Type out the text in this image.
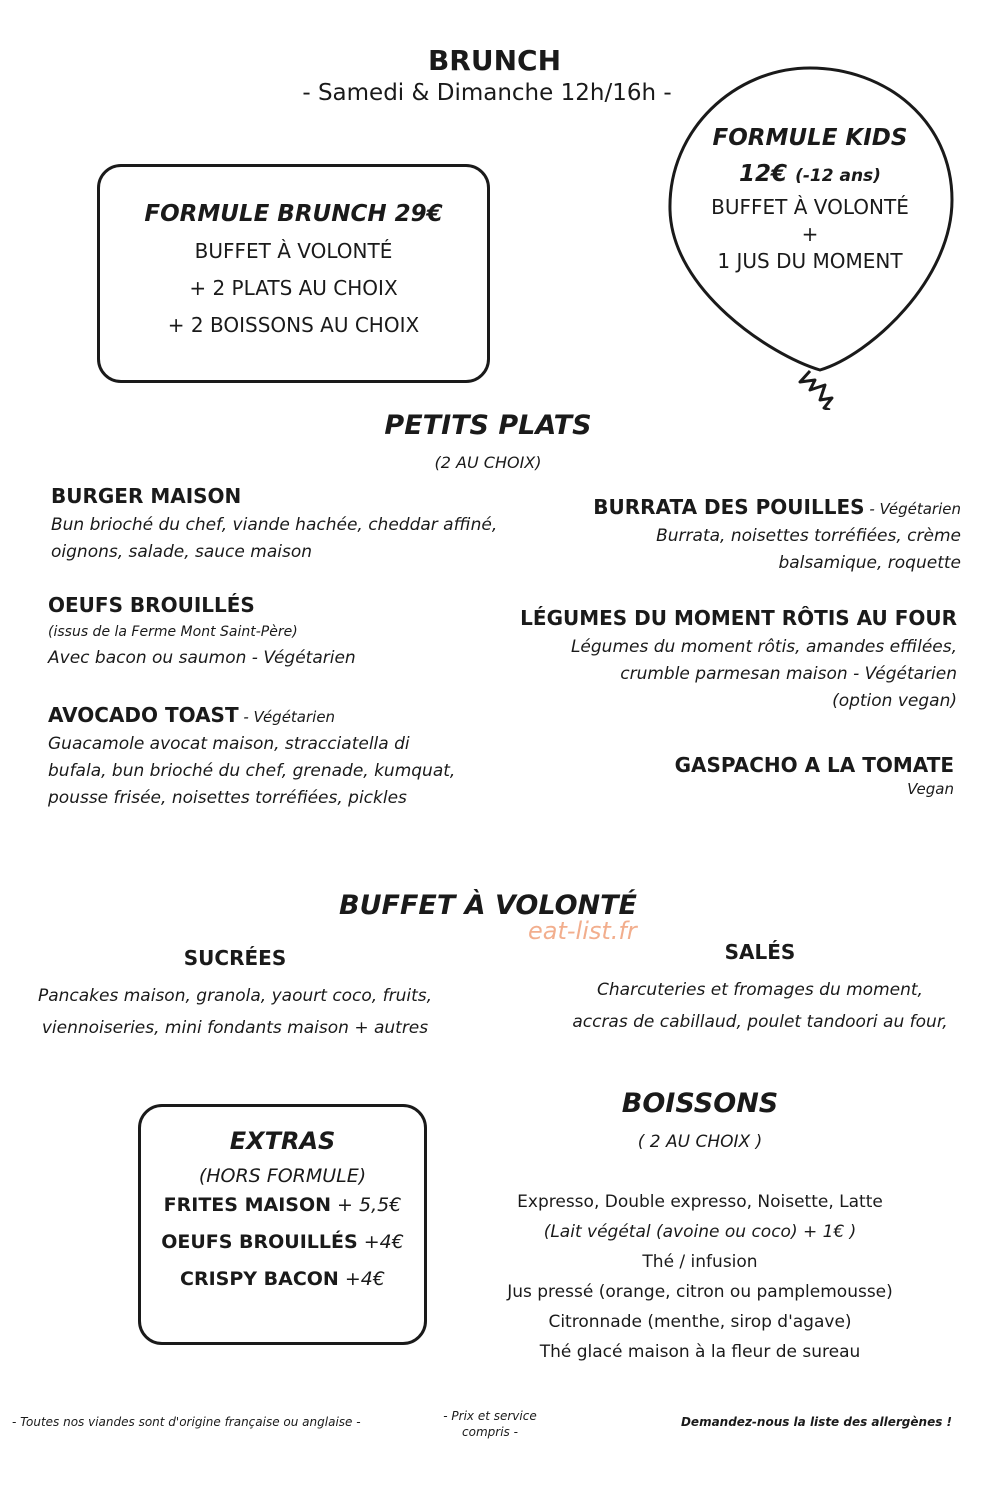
BRUNCH
- Samedi & Dimanche 12h/16h -
FORMULE BRUNCH 29€
BUFFET À VOLONTÉ
+ 2 PLATS AU CHOIX
+ 2 BOISSONS AU CHOIX
FORMULE KIDS
12€ (-12 ans)
BUFFET À VOLONTÉ
+
1 JUS DU MOMENT
PETITS PLATS
(2 AU CHOIX)
BURGER MAISON
Bun brioché du chef, viande hachée, cheddar affiné,
oignons, salade, sauce maison
OEUFS BROUILLÉS
(issus de la Ferme Mont Saint-Père)
Avec bacon ou saumon - Végétarien
AVOCADO TOAST - Végétarien
Guacamole avocat maison, stracciatella di
bufala, bun brioché du chef, grenade, kumquat,
pousse frisée, noisettes torréfiées, pickles
BURRATA DES POUILLES - Végétarien
Burrata, noisettes torréfiées, crème
balsamique, roquette
LÉGUMES DU MOMENT RÔTIS AU FOUR
Légumes du moment rôtis, amandes effilées,
crumble parmesan maison - Végétarien
(option vegan)
GASPACHO A LA TOMATE
Vegan
BUFFET À VOLONTÉ
eat-list.fr
SUCRÉES
Pancakes maison, granola, yaourt coco, fruits,
viennoiseries, mini fondants maison + autres
SALÉS
Charcuteries et fromages du moment,
accras de cabillaud, poulet tandoori au four,
EXTRAS
(HORS FORMULE)
FRITES MAISON + 5,5€
OEUFS BROUILLÉS +4€
CRISPY BACON +4€
BOISSONS
( 2 AU CHOIX )
Expresso, Double expresso, Noisette, Latte
(Lait végétal (avoine ou coco) + 1€ )
Thé / infusion
Jus pressé (orange, citron ou pamplemousse)
Citronnade (menthe, sirop d'agave)
Thé glacé maison à la fleur de sureau
- Toutes nos viandes sont d'origine française ou anglaise -	- Prix et service
compris -
Demandez-nous la liste des allergènes !
